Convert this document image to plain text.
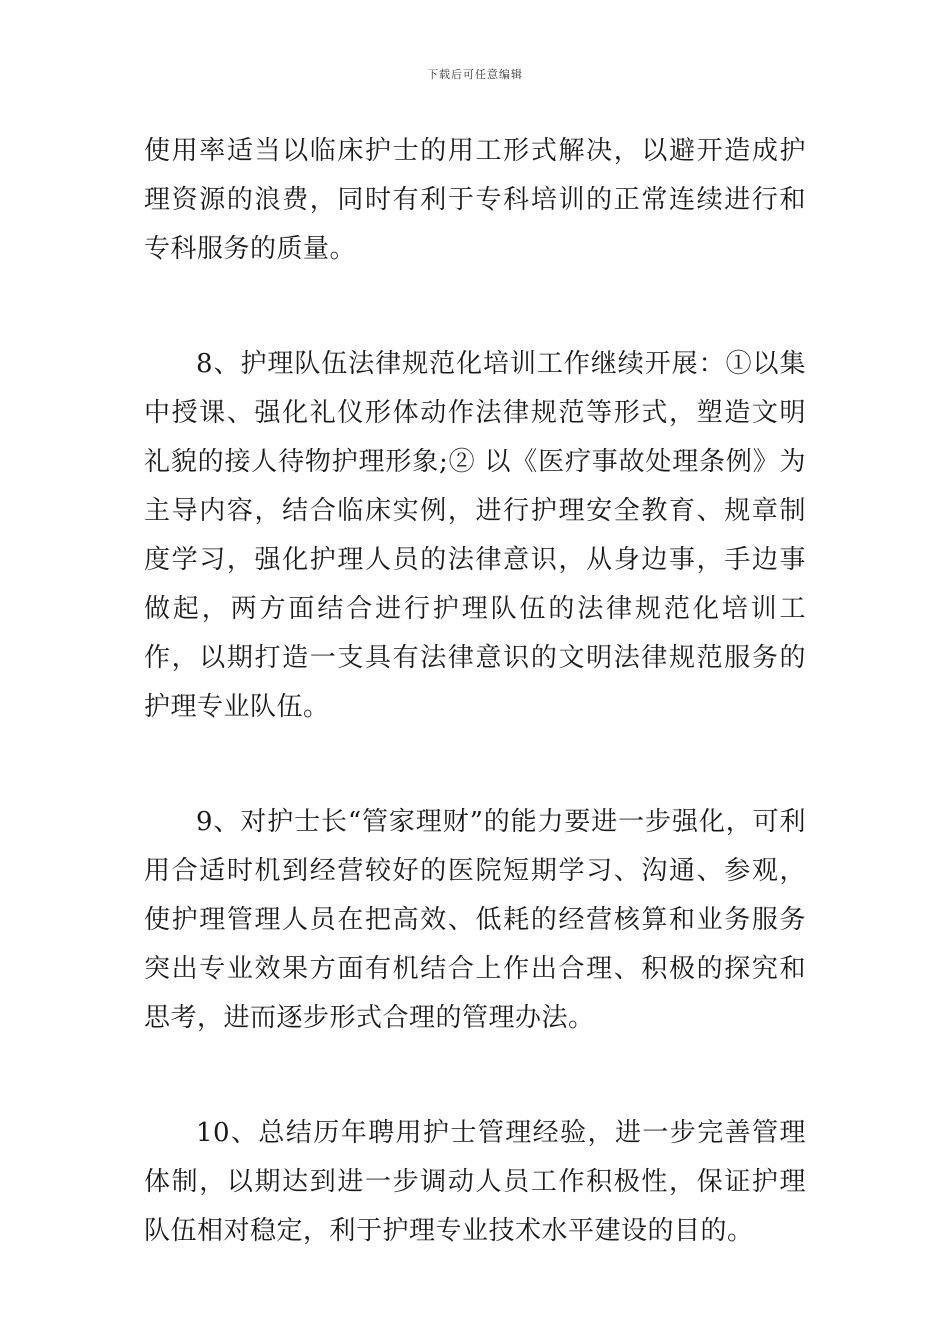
下载后可任意编辑

使用率适当以临床护士的用工形式解决，以避开造成护理资源的浪费，同时有利于专科培训的正常连续进行和专科服务的质量。

8、护理队伍法律规范化培训工作继续开展：①以集中授课、强化礼仪形体动作法律规范等形式，塑造文明礼貌的接人待物护理形象;② 以《医疗事故处理条例》为主导内容，结合临床实例，进行护理安全教育、规章制度学习，强化护理人员的法律意识，从身边事，手边事做起，两方面结合进行护理队伍的法律规范化培训工作，以期打造一支具有法律意识的文明法律规范服务的护理专业队伍。

9、对护士长“管家理财”的能力要进一步强化，可利用合适时机到经营较好的医院短期学习、沟通、参观，使护理管理人员在把高效、低耗的经营核算和业务服务突出专业效果方面有机结合上作出合理、积极的探究和思考，进而逐步形式合理的管理办法。

10、总结历年聘用护士管理经验，进一步完善管理体制，以期达到进一步调动人员工作积极性，保证护理队伍相对稳定，利于护理专业技术水平建设的目的。
